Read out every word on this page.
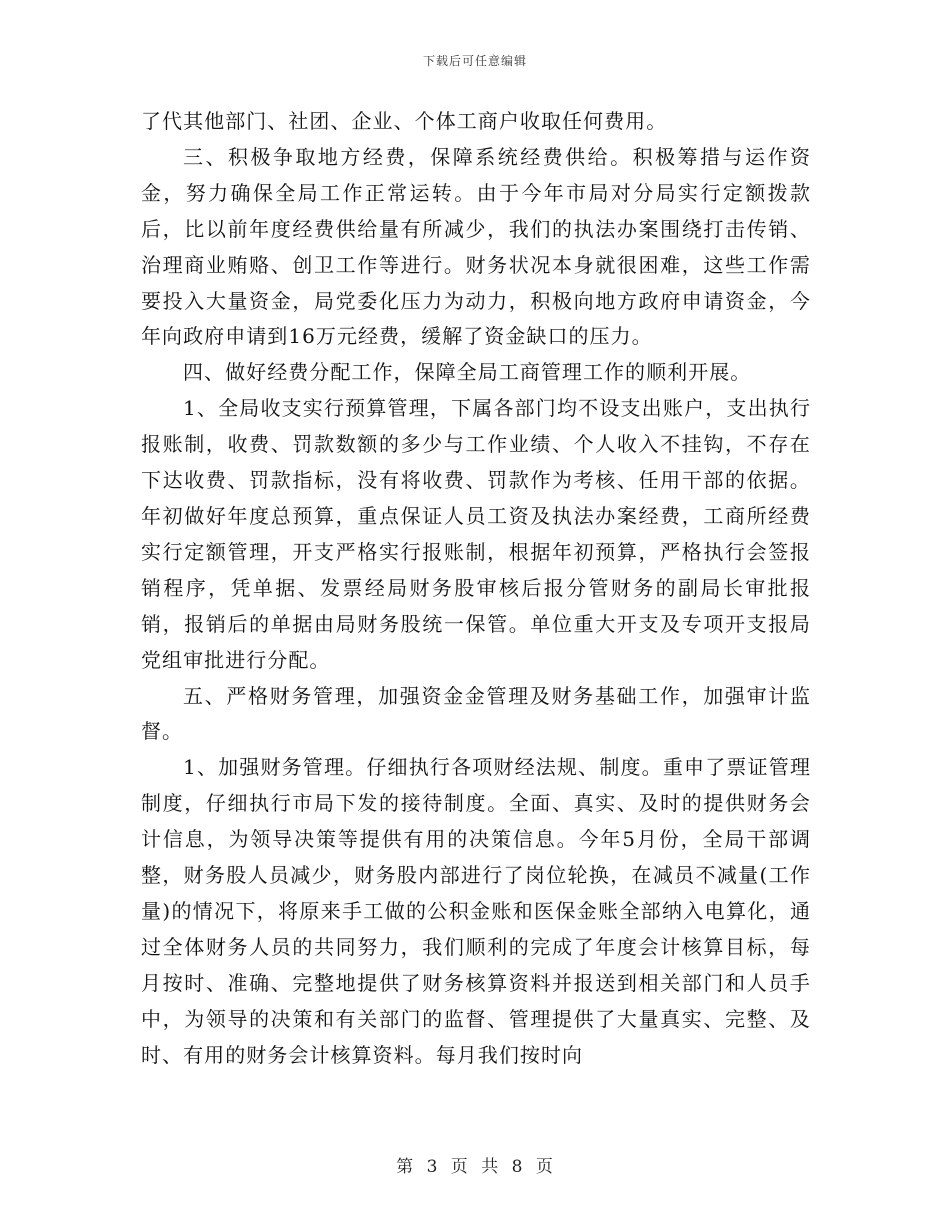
下载后可任意编辑

了代其他部门、社团、企业、个体工商户收取任何费用。

三、积极争取地方经费，保障系统经费供给。积极筹措与运作资金，努力确保全局工作正常运转。由于今年市局对分局实行定额拨款后，比以前年度经费供给量有所减少，我们的执法办案围绕打击传销、治理商业贿赂、创卫工作等进行。财务状况本身就很困难，这些工作需要投入大量资金，局党委化压力为动力，积极向地方政府申请资金，今年向政府申请到16万元经费，缓解了资金缺口的压力。

四、做好经费分配工作，保障全局工商管理工作的顺利开展。

1、全局收支实行预算管理，下属各部门均不设支出账户，支出执行报账制，收费、罚款数额的多少与工作业绩、个人收入不挂钩，不存在下达收费、罚款指标，没有将收费、罚款作为考核、任用干部的依据。年初做好年度总预算，重点保证人员工资及执法办案经费，工商所经费实行定额管理，开支严格实行报账制，根据年初预算，严格执行会签报销程序，凭单据、发票经局财务股审核后报分管财务的副局长审批报销，报销后的单据由局财务股统一保管。单位重大开支及专项开支报局党组审批进行分配。

五、严格财务管理，加强资金金管理及财务基础工作，加强审计监督。

1、加强财务管理。仔细执行各项财经法规、制度。重申了票证管理制度，仔细执行市局下发的接待制度。全面、真实、及时的提供财务会计信息，为领导决策等提供有用的决策信息。今年5月份，全局干部调整，财务股人员减少，财务股内部进行了岗位轮换，在减员不减量(工作量)的情况下，将原来手工做的公积金账和医保金账全部纳入电算化，通过全体财务人员的共同努力，我们顺利的完成了年度会计核算目标，每月按时、准确、完整地提供了财务核算资料并报送到相关部门和人员手中，为领导的决策和有关部门的监督、管理提供了大量真实、完整、及时、有用的财务会计核算资料。每月我们按时向

第 3 页 共 8 页
